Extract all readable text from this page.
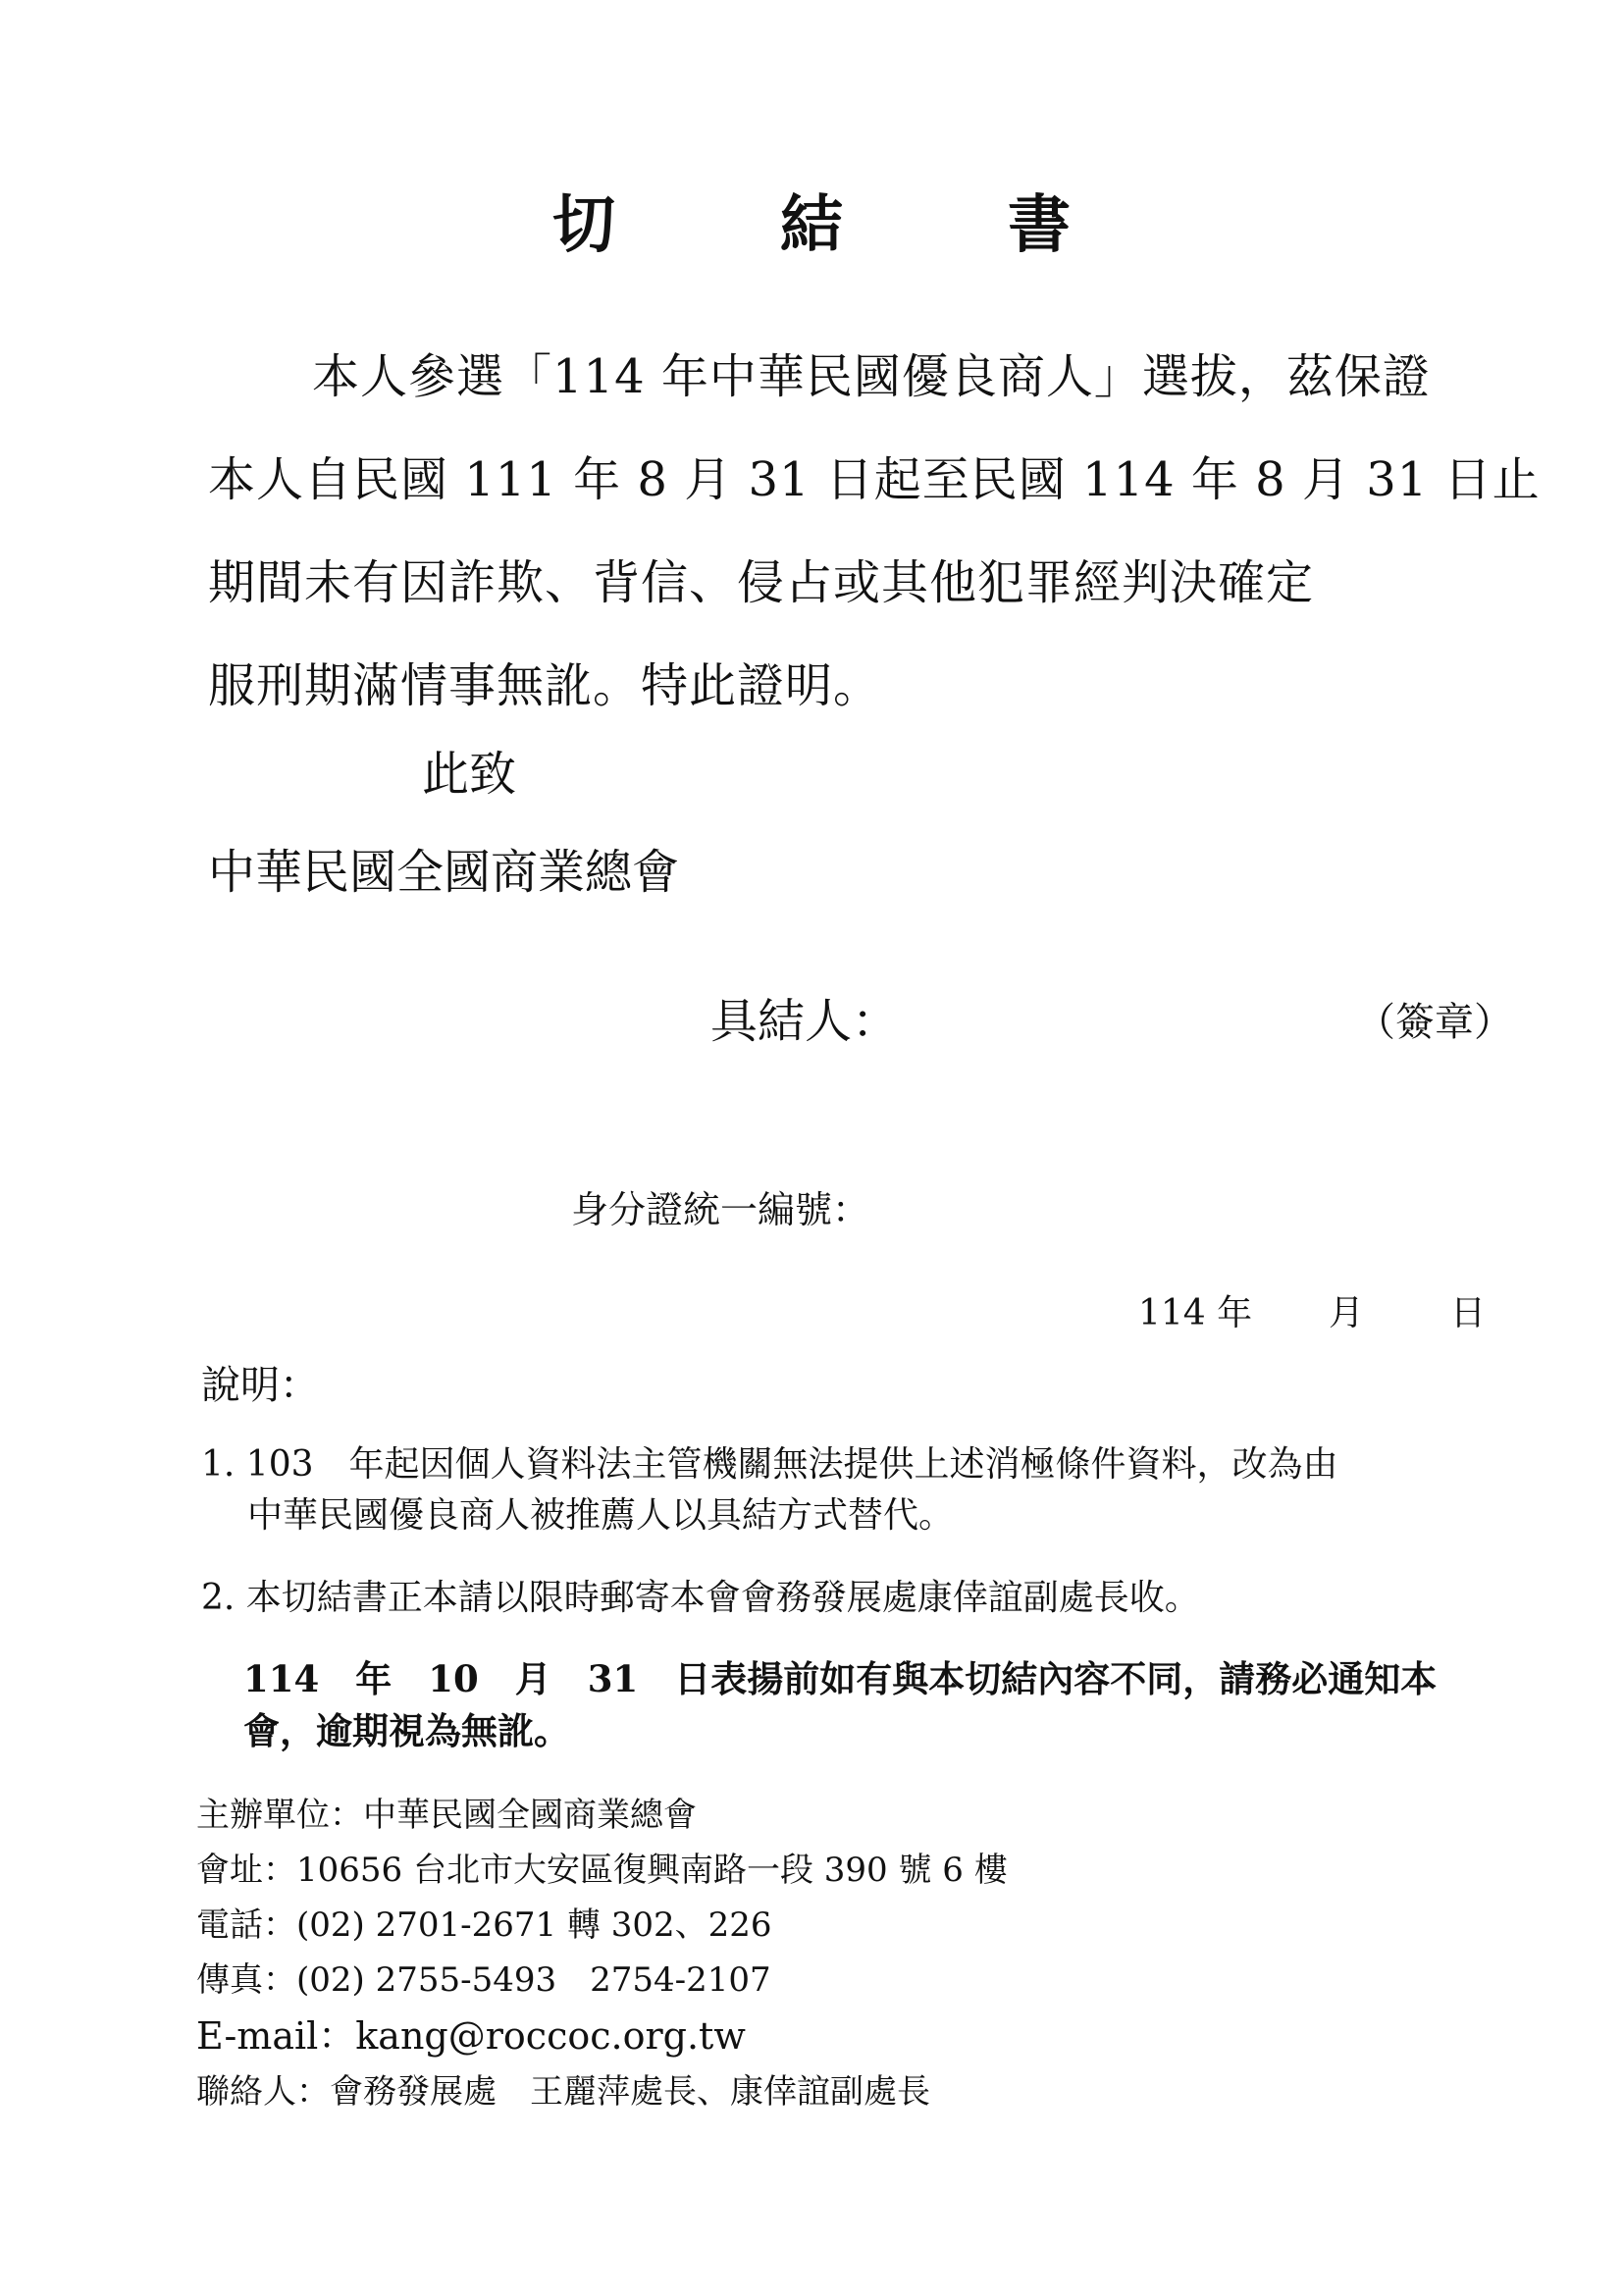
切　結　書
本人參選「114 年中華民國優良商人」選拔，茲保證
本人自民國 111 年 8 月 31 日起至民國 114 年 8 月 31 日止
期間未有因詐欺、背信、侵占或其他犯罪經判決確定
服刑期滿情事無訛。特此證明。
此致
中華民國全國商業總會
具結人：	（簽章）
身分證統一編號：
114 年 月 日
說明：
1. 103　年起因個人資料法主管機關無法提供上述消極條件資料，改為由
中華民國優良商人被推薦人以具結方式替代。
2. 本切結書正本請以限時郵寄本會會務發展處康倖誼副處長收。
114　年　10　月　31　日表揚前如有與本切結內容不同，請務必通知本
會，逾期視為無訛。
主辦單位：中華民國全國商業總會
會址：10656 台北市大安區復興南路一段 390 號 6 樓
電話：(02) 2701-2671 轉 302、226
傳真：(02) 2755-5493　2754-2107
E-mail：kang@roccoc.org.tw
聯絡人：會務發展處　王麗萍處長、康倖誼副處長
